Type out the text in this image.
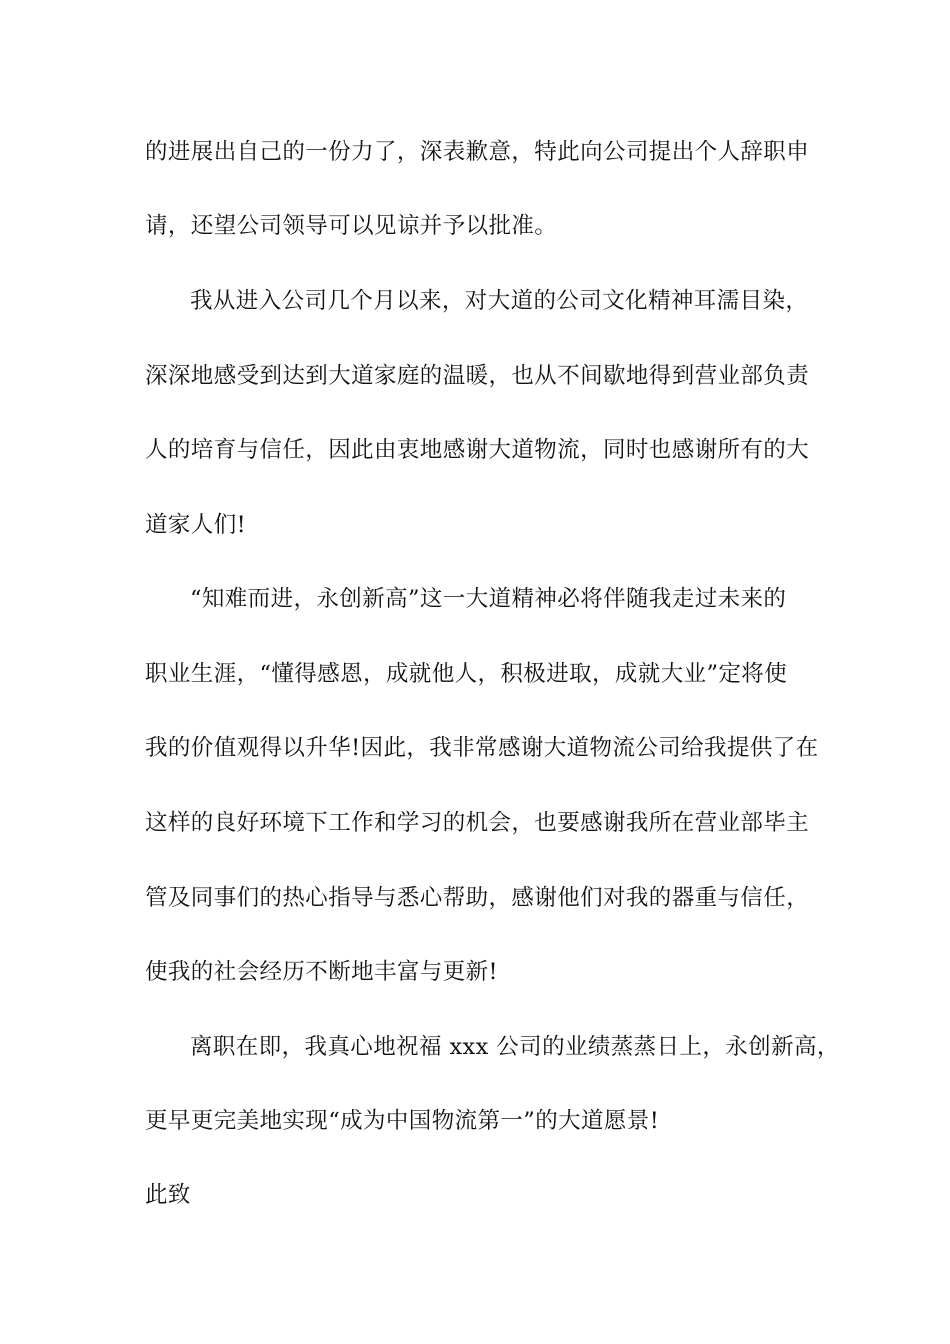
的进展出自己的一份力了，深表歉意，特此向公司提出个人辞职申
请，还望公司领导可以见谅并予以批准。
我从进入公司几个月以来，对大道的公司文化精神耳濡目染，
深深地感受到达到大道家庭的温暖，也从不间歇地得到营业部负责
人的培育与信任，因此由衷地感谢大道物流，同时也感谢所有的大
道家人们!
“知难而进，永创新高”这一大道精神必将伴随我走过未来的
职业生涯，“懂得感恩，成就他人，积极进取，成就大业”定将使
我的价值观得以升华!因此，我非常感谢大道物流公司给我提供了在
这样的良好环境下工作和学习的机会，也要感谢我所在营业部毕主
管及同事们的热心指导与悉心帮助，感谢他们对我的器重与信任，
使我的社会经历不断地丰富与更新!
离职在即，我真心地祝福 xxx 公司的业绩蒸蒸日上，永创新高，
更早更完美地实现“成为中国物流第一”的大道愿景!
此致
